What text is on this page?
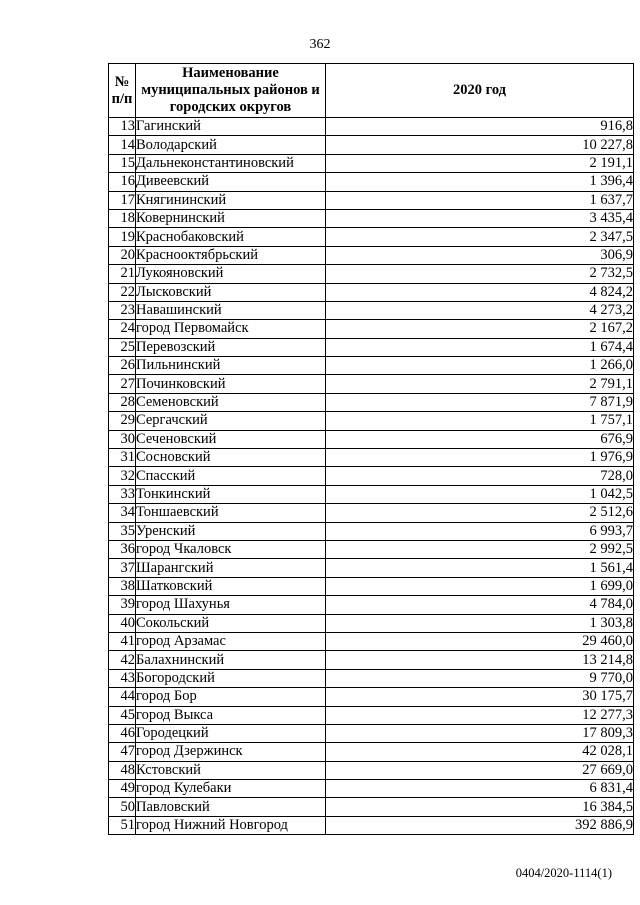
362
№ п/п	Наименование муниципальных районов и городских округов	2020 год
13	Гагинский	916,8
14	Володарский	10 227,8
15	Дальнеконстантиновский	2 191,1
16	Дивеевский	1 396,4
17	Княгининский	1 637,7
18	Ковернинский	3 435,4
19	Краснобаковский	2 347,5
20	Краснооктябрьский	306,9
21	Лукояновский	2 732,5
22	Лысковский	4 824,2
23	Навашинский	4 273,2
24	город Первомайск	2 167,2
25	Перевозский	1 674,4
26	Пильнинский	1 266,0
27	Починковский	2 791,1
28	Семеновский	7 871,9
29	Сергачский	1 757,1
30	Сеченовский	676,9
31	Сосновский	1 976,9
32	Спасский	728,0
33	Тонкинский	1 042,5
34	Тоншаевский	2 512,6
35	Уренский	6 993,7
36	город Чкаловск	2 992,5
37	Шарангский	1 561,4
38	Шатковский	1 699,0
39	город Шахунья	4 784,0
40	Сокольский	1 303,8
41	город Арзамас	29 460,0
42	Балахнинский	13 214,8
43	Богородский	9 770,0
44	город Бор	30 175,7
45	город Выкса	12 277,3
46	Городецкий	17 809,3
47	город Дзержинск	42 028,1
48	Кстовский	27 669,0
49	город Кулебаки	6 831,4
50	Павловский	16 384,5
51	город Нижний Новгород	392 886,9
0404/2020-1114(1)
